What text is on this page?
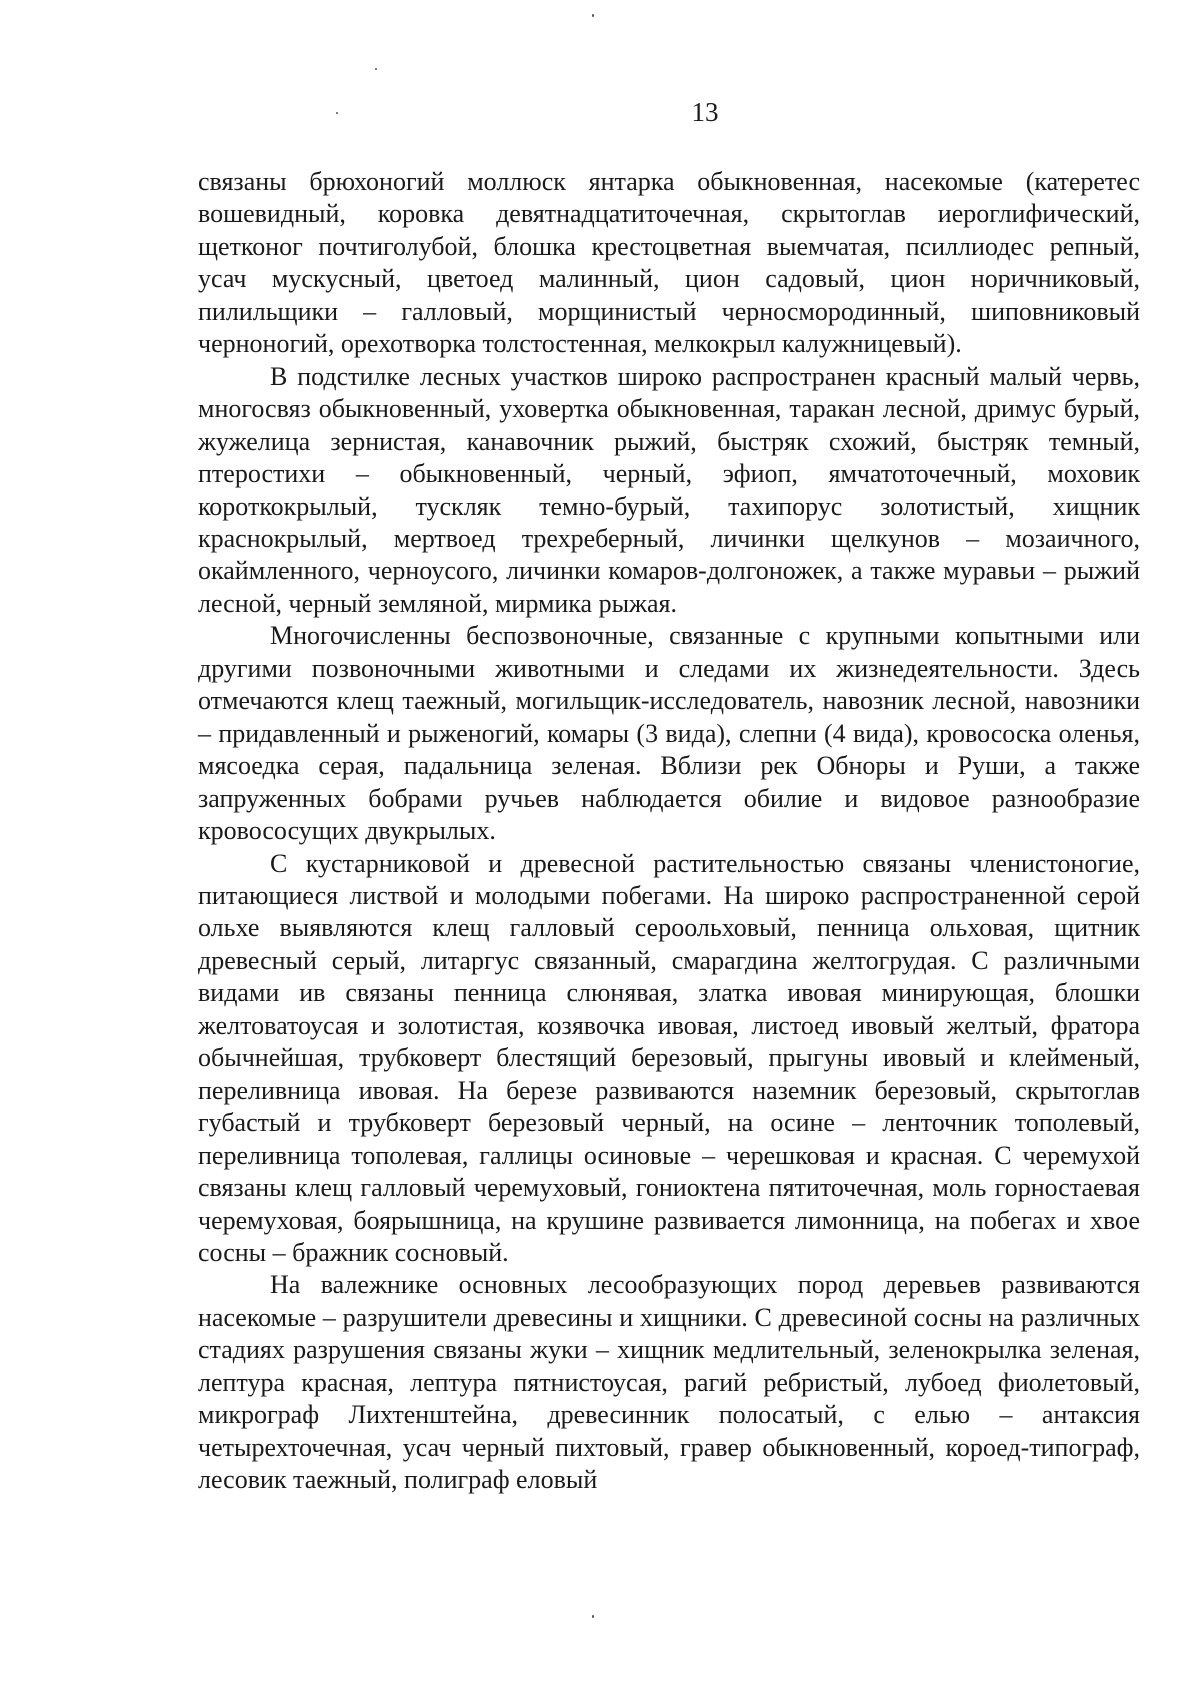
13

связаны брюхоногий моллюск янтарка обыкновенная, насекомые (катеретес вошевидный, коровка девятнадцатиточечная, скрытоглав иероглифический, щетконог почтиголубой, блошка крестоцветная выемчатая, псиллиодес репный, усач мускусный, цветоед малинный, цион садовый, цион норичниковый, пилильщики – галловый, морщинистый черносмородинный, шиповниковый черноногий, орехотворка толстостенная, мелкокрыл калужницевый).

В подстилке лесных участков широко распространен красный малый червь, многосвяз обыкновенный, уховертка обыкновенная, таракан лесной, дримус бурый, жужелица зернистая, канавочник рыжий, быстряк схожий, быстряк темный, птеростихи – обыкновенный, черный, эфиоп, ямчатоточечный, моховик короткокрылый, тускляк темно-бурый, тахипорус золотистый, хищник краснокрылый, мертвоед трехреберный, личинки щелкунов – мозаичного, окаймленного, черноусого, личинки комаров-долгоножек, а также муравьи – рыжий лесной, черный земляной, мирмика рыжая.

Многочисленны беспозвоночные, связанные с крупными копытными или другими позвоночными животными и следами их жизнедеятельности. Здесь отмечаются клещ таежный, могильщик-исследователь, навозник лесной, навозники – придавленный и рыженогий, комары (3 вида), слепни (4 вида), кровососка оленья, мясоедка серая, падальница зеленая. Вблизи рек Обноры и Руши, а также запруженных бобрами ручьев наблюдается обилие и видовое разнообразие кровососущих двукрылых.

С кустарниковой и древесной растительностью связаны членистоногие, питающиеся листвой и молодыми побегами. На широко распространенной серой ольхе выявляются клещ галловый сероольховый, пенница ольховая, щитник древесный серый, литаргус связанный, смарагдина желтогрудая. С различными видами ив связаны пенница слюнявая, златка ивовая минирующая, блошки желтоватоусая и золотистая, козявочка ивовая, листоед ивовый желтый, фратора обычнейшая, трубковерт блестящий березовый, прыгуны ивовый и клейменый, переливница ивовая. На березе развиваются наземник березовый, скрытоглав губастый и трубковерт березовый черный, на осине – ленточник тополевый, переливница тополевая, галлицы осиновые – черешковая и красная. С черемухой связаны клещ галловый черемуховый, гониоктена пятиточечная, моль горностаевая черемуховая, боярышница, на крушине развивается лимонница, на побегах и хвое сосны – бражник сосновый.

На валежнике основных лесообразующих пород деревьев развиваются насекомые – разрушители древесины и хищники. С древесиной сосны на различных стадиях разрушения связаны жуки – хищник медлительный, зеленокрылка зеленая, лептура красная, лептура пятнистоусая, рагий ребристый, лубоед фиолетовый, микрограф Лихтенштейна, древесинник полосатый, с елью – антаксия четырехточечная, усач черный пихтовый, гравер обыкновенный, короед-типограф, лесовик таежный, полиграф еловый
